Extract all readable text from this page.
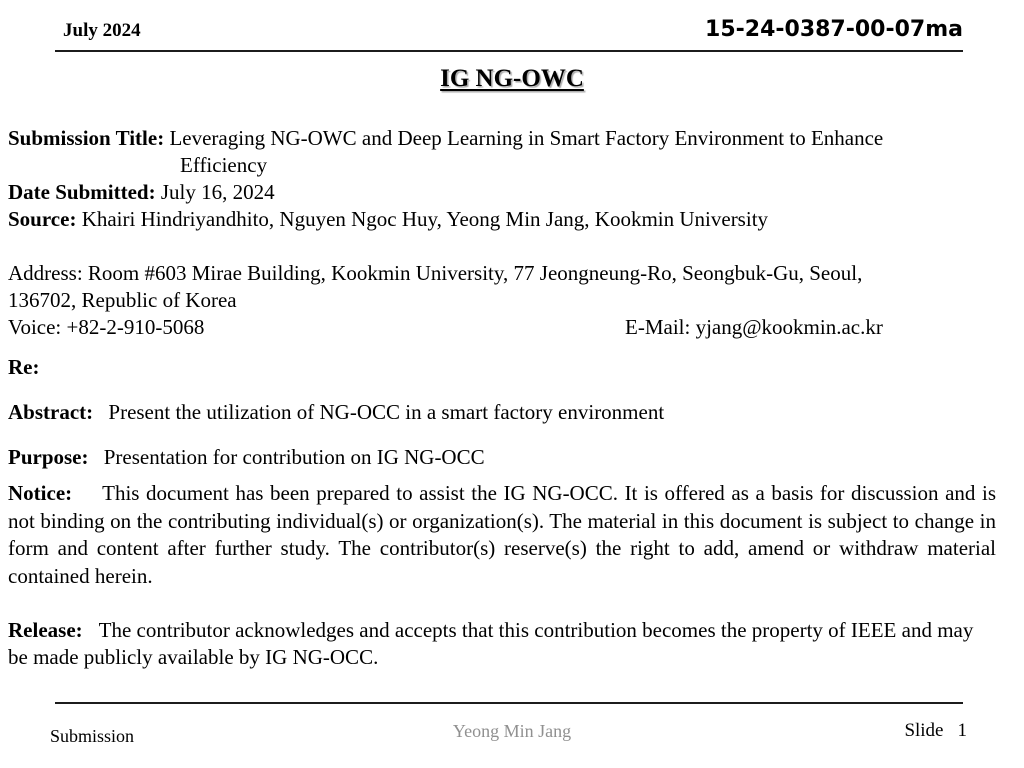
July 2024	15-24-0387-00-07ma
IG NG-OWC
Submission Title: Leveraging NG-OWC and Deep Learning in Smart Factory Environment to Enhance
Efficiency
Date Submitted: July 16, 2024
Source: Khairi Hindriyandhito, Nguyen Ngoc Huy, Yeong Min Jang, Kookmin University
Address: Room #603 Mirae Building, Kookmin University, 77 Jeongneung-Ro, Seongbuk-Gu, Seoul,
136702, Republic of Korea
Voice: +82-2-910-5068	E-Mail: yjang@kookmin.ac.kr
Re:
Abstract: Present the utilization of NG-OCC in a smart factory environment
Purpose: Presentation for contribution on IG NG-OCC
Notice: This document has been prepared to assist the IG NG-OCC. It is offered as a basis for discussion and is not binding on the contributing individual(s) or organization(s). The material in this document is subject to change in form and content after further study. The contributor(s) reserve(s) the right to add, amend or withdraw material contained herein.
Release: The contributor acknowledges and accepts that this contribution becomes the property of IEEE and may be made publicly available by IG NG-OCC.
Submission	Yeong Min Jang	Slide 1
